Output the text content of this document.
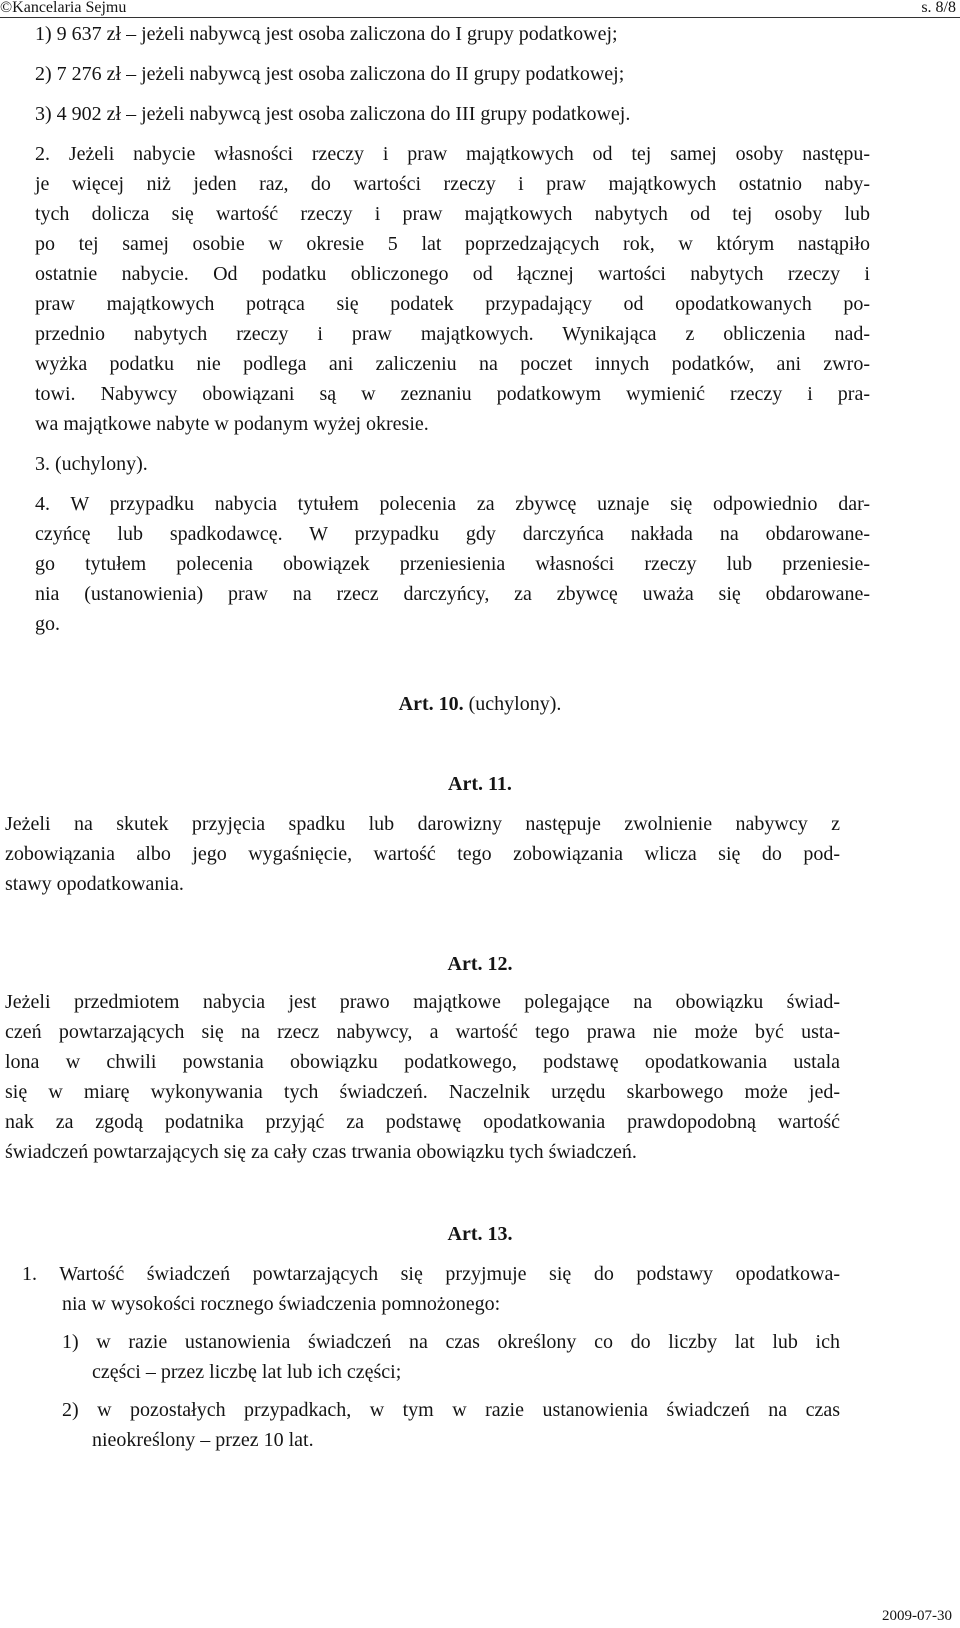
©Kancelaria Sejmu	s. 8/8
1) 9 637 zł – jeżeli nabywcą jest osoba zaliczona do I grupy podatkowej;
2) 7 276 zł – jeżeli nabywcą jest osoba zaliczona do II grupy podatkowej;
3) 4 902 zł – jeżeli nabywcą jest osoba zaliczona do III grupy podatkowej.
2. Jeżeli nabycie własności rzeczy i praw majątkowych od tej samej osoby następu-
je więcej niż jeden raz, do wartości rzeczy i praw majątkowych ostatnio naby-
tych dolicza się wartość rzeczy i praw majątkowych nabytych od tej osoby lub
po tej samej osobie w okresie 5 lat poprzedzających rok, w którym nastąpiło
ostatnie nabycie. Od podatku obliczonego od łącznej wartości nabytych rzeczy i
praw majątkowych potrąca się podatek przypadający od opodatkowanych po-
przednio nabytych rzeczy i praw majątkowych. Wynikająca z obliczenia nad-
wyżka podatku nie podlega ani zaliczeniu na poczet innych podatków, ani zwro-
towi. Nabywcy obowiązani są w zeznaniu podatkowym wymienić rzeczy i pra-
wa majątkowe nabyte w podanym wyżej okresie.
3. (uchylony).
4. W przypadku nabycia tytułem polecenia za zbywcę uznaje się odpowiednio dar-
czyńcę lub spadkodawcę. W przypadku gdy darczyńca nakłada na obdarowane-
go tytułem polecenia obowiązek przeniesienia własności rzeczy lub przeniesie-
nia (ustanowienia) praw na rzecz darczyńcy, za zbywcę uważa się obdarowane-
go.
Art. 10. (uchylony).
Art. 11.
Jeżeli na skutek przyjęcia spadku lub darowizny następuje zwolnienie nabywcy z
zobowiązania albo jego wygaśnięcie, wartość tego zobowiązania wlicza się do pod-
stawy opodatkowania.
Art. 12.
Jeżeli przedmiotem nabycia jest prawo majątkowe polegające na obowiązku świad-
czeń powtarzających się na rzecz nabywcy, a wartość tego prawa nie może być usta-
lona w chwili powstania obowiązku podatkowego, podstawę opodatkowania ustala
się w miarę wykonywania tych świadczeń. Naczelnik urzędu skarbowego może jed-
nak za zgodą podatnika przyjąć za podstawę opodatkowania prawdopodobną wartość
świadczeń powtarzających się za cały czas trwania obowiązku tych świadczeń.
Art. 13.
1. Wartość świadczeń powtarzających się przyjmuje się do podstawy opodatkowa-
nia w wysokości rocznego świadczenia pomnożonego:
1) w razie ustanowienia świadczeń na czas określony co do liczby lat lub ich
części – przez liczbę lat lub ich części;
2) w pozostałych przypadkach, w tym w razie ustanowienia świadczeń na czas
nieokreślony – przez 10 lat.
2009-07-30
